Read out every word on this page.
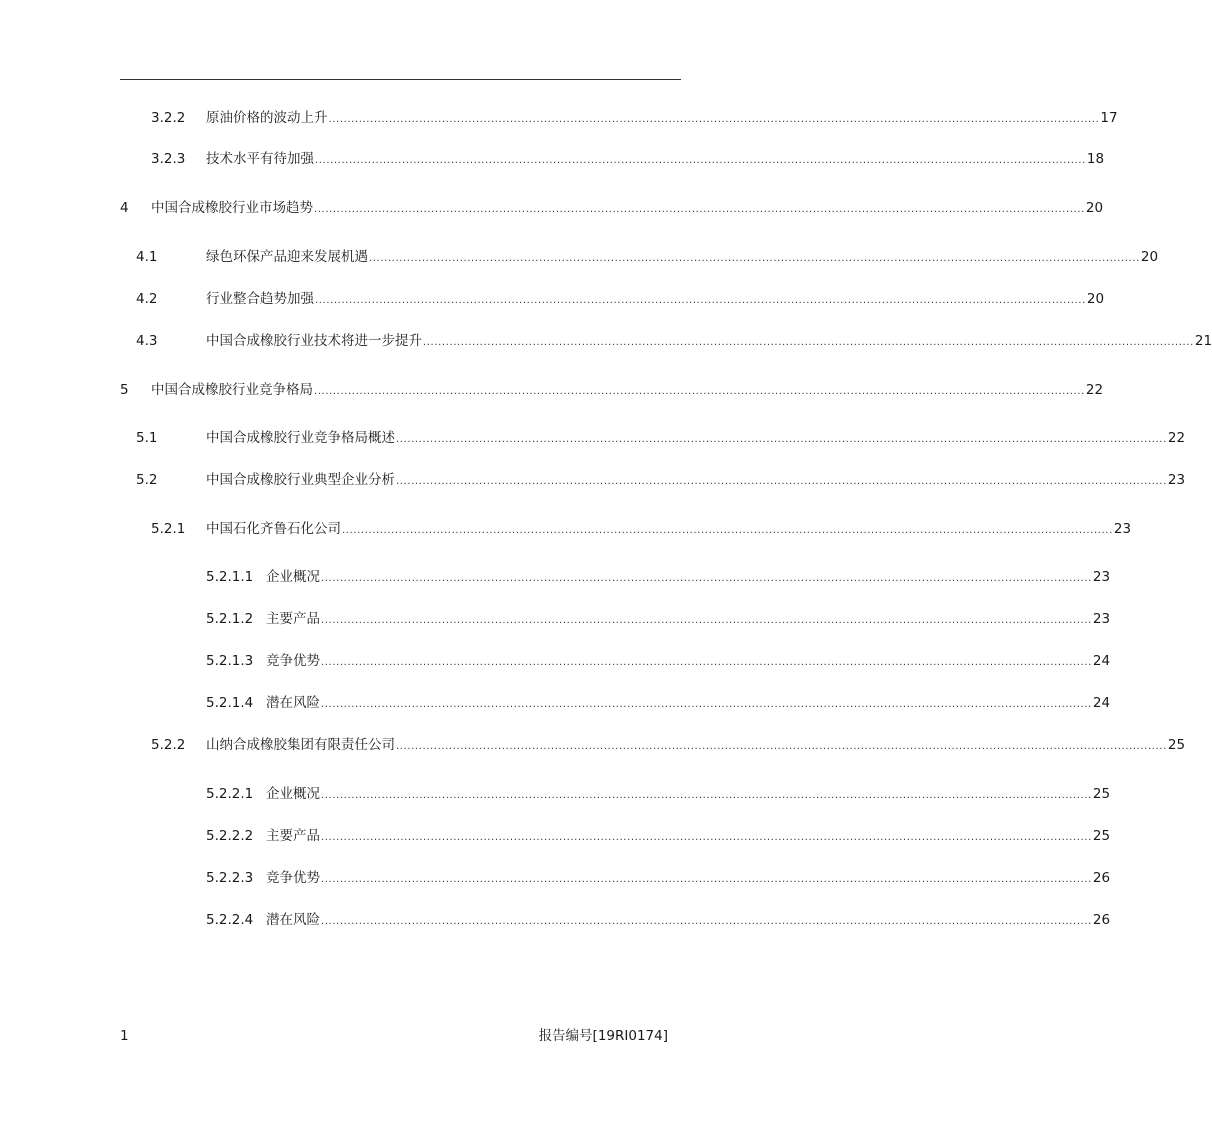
3.2.2	原油价格的波动上升 ............................................................................................................................................................................................................ 17
3.2.3	技术水平有待加强 ............................................................................................................................................................................................................ 18
4	中国合成橡胶行业市场趋势 ............................................................................................................................................................................................................ 20
4.1	绿色环保产品迎来发展机遇 ............................................................................................................................................................................................................ 20
4.2	行业整合趋势加强 ............................................................................................................................................................................................................ 20
4.3	中国合成橡胶行业技术将进一步提升 ............................................................................................................................................................................................................ 21
5	中国合成橡胶行业竞争格局 ............................................................................................................................................................................................................ 22
5.1	中国合成橡胶行业竞争格局概述 ............................................................................................................................................................................................................ 22
5.2	中国合成橡胶行业典型企业分析 ............................................................................................................................................................................................................ 23
5.2.1	中国石化齐鲁石化公司 ............................................................................................................................................................................................................ 23
5.2.1.1 企业概况 ............................................................................................................................................................................................................ 23
5.2.1.2 主要产品 ............................................................................................................................................................................................................ 23
5.2.1.3 竞争优势 ............................................................................................................................................................................................................ 24
5.2.1.4 潜在风险 ............................................................................................................................................................................................................ 24
5.2.2	山纳合成橡胶集团有限责任公司 ............................................................................................................................................................................................................ 25
5.2.2.1 企业概况 ............................................................................................................................................................................................................ 25
5.2.2.2 主要产品 ............................................................................................................................................................................................................ 25
5.2.2.3 竞争优势 ............................................................................................................................................................................................................ 26
5.2.2.4 潜在风险 ............................................................................................................................................................................................................ 26
1	报告编号[19RI0174]
